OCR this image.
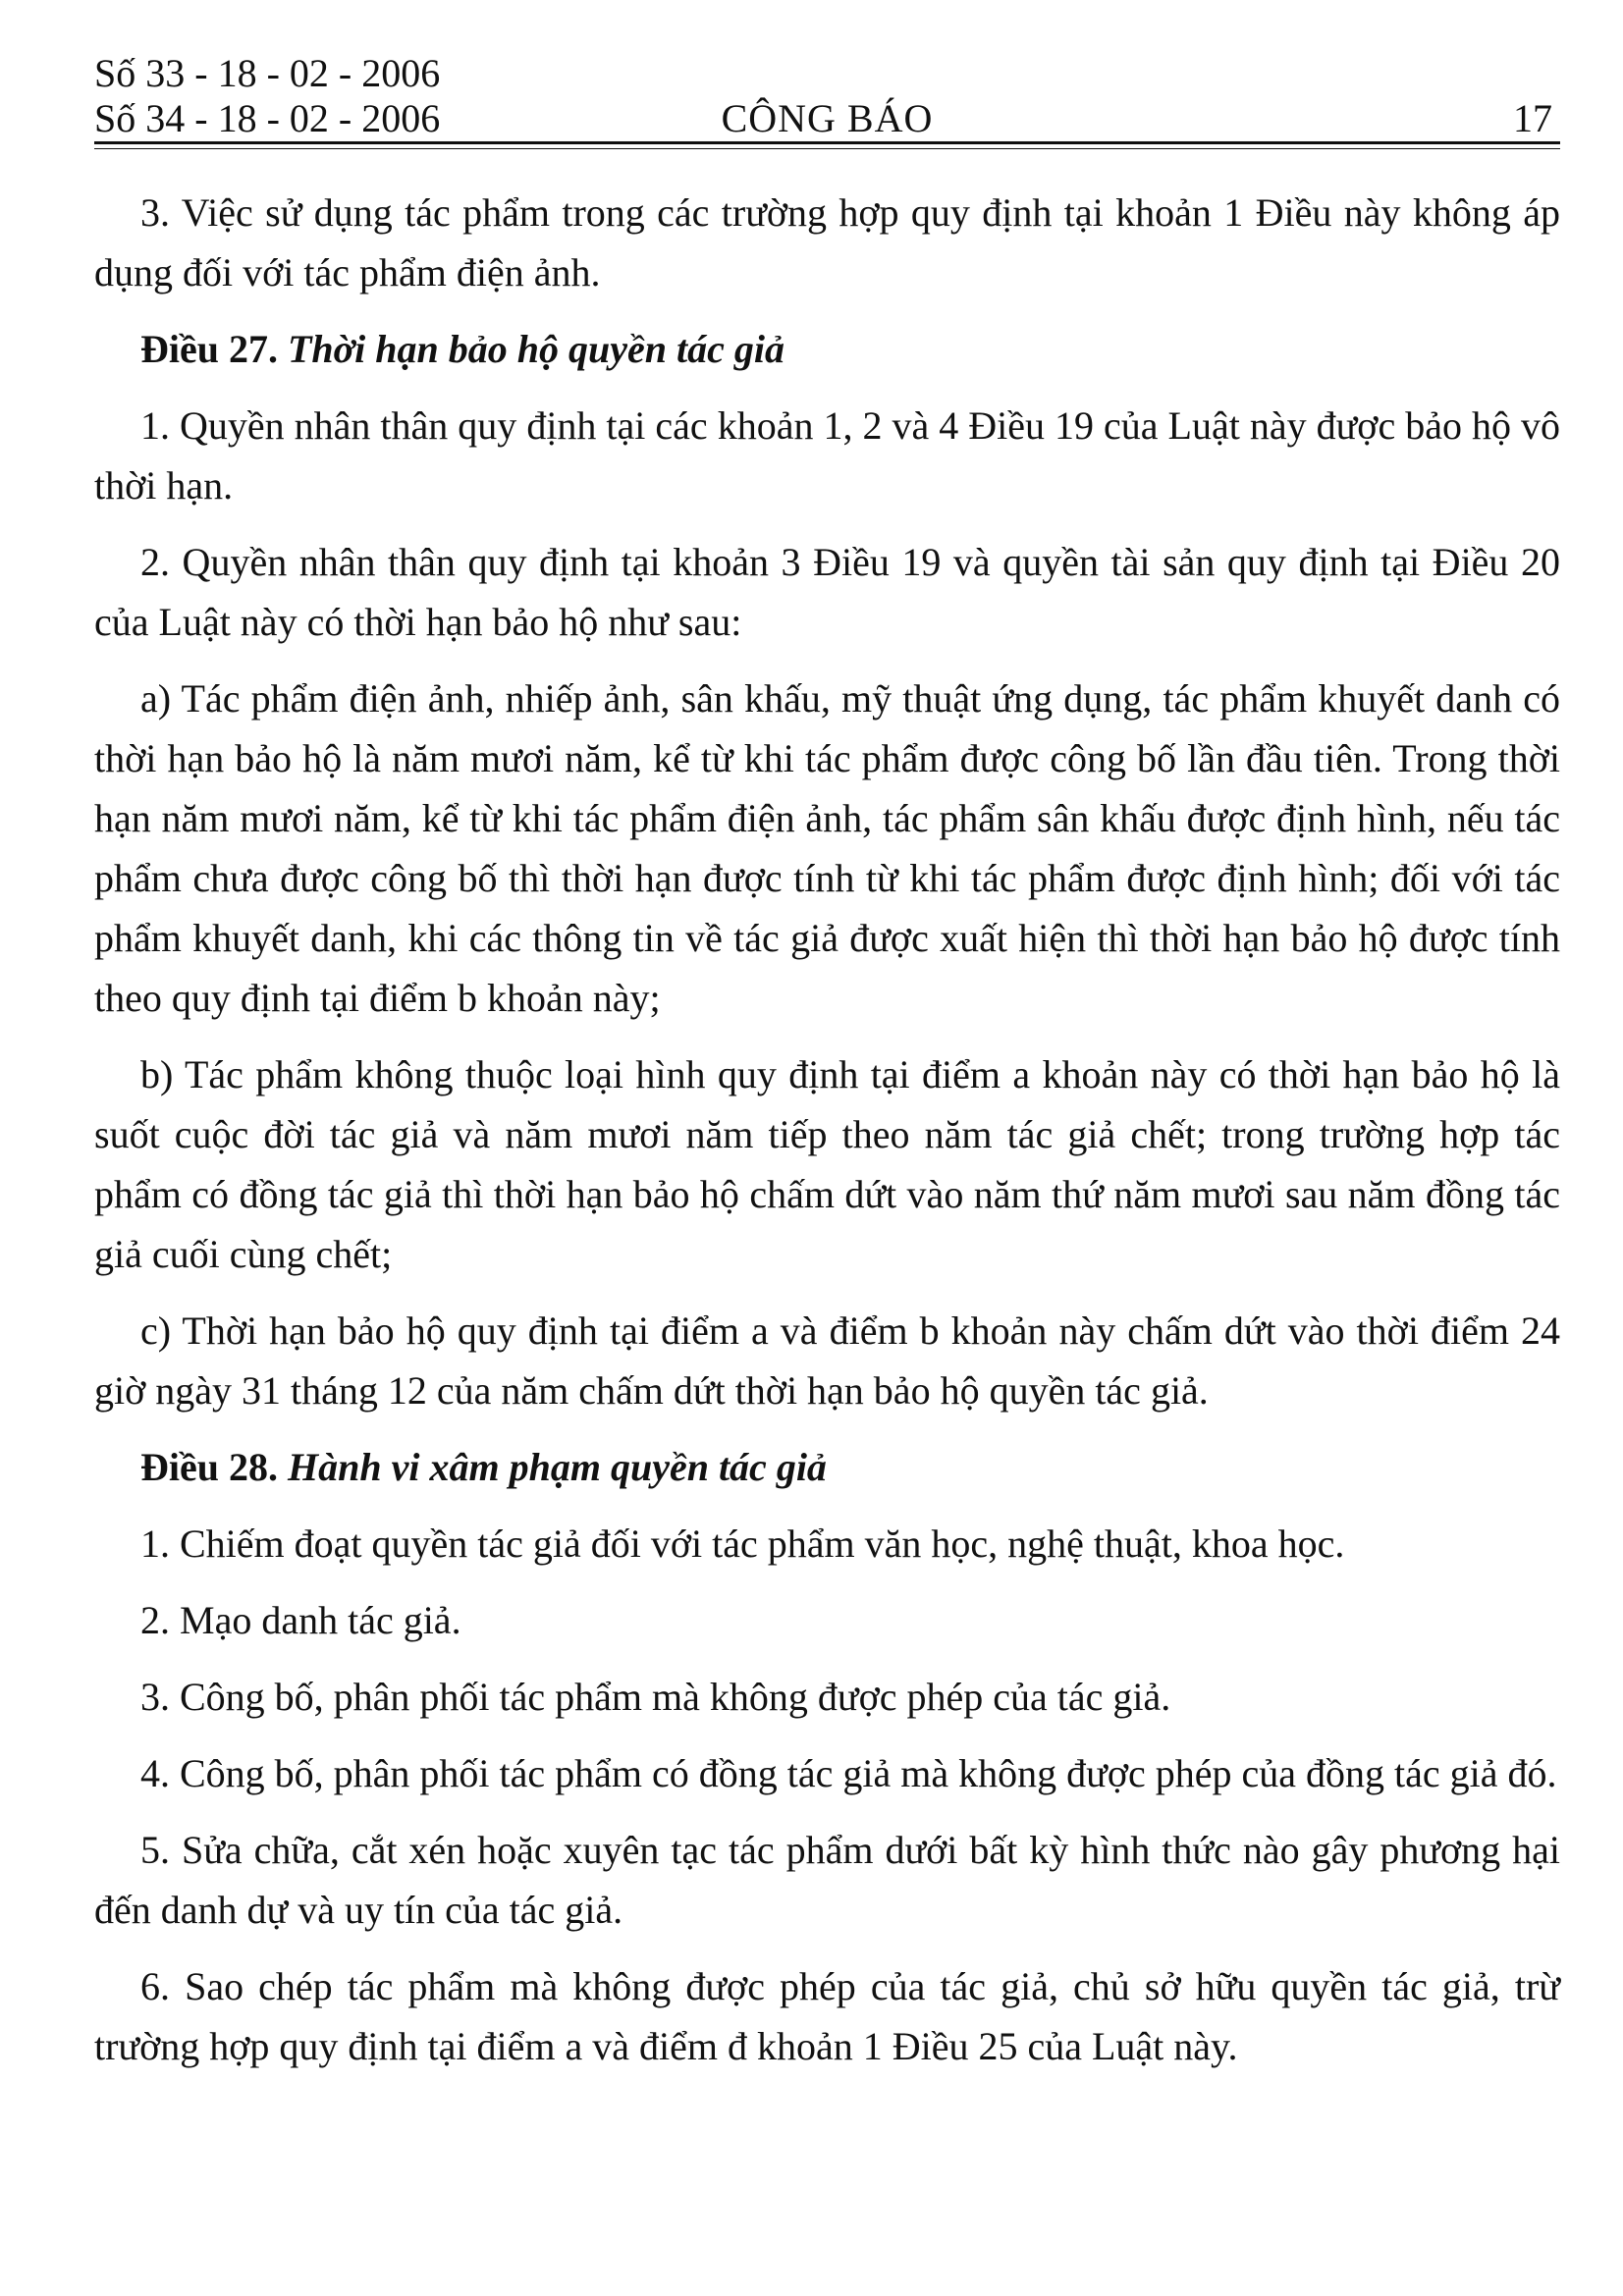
Số 33 - 18 - 02 - 2006
Số 34 - 18 - 02 - 2006	CÔNG BÁO	17

3. Việc sử dụng tác phẩm trong các trường hợp quy định tại khoản 1 Điều này không áp dụng đối với tác phẩm điện ảnh.

Điều 27. Thời hạn bảo hộ quyền tác giả

1. Quyền nhân thân quy định tại các khoản 1, 2 và 4 Điều 19 của Luật này được bảo hộ vô thời hạn.

2. Quyền nhân thân quy định tại khoản 3 Điều 19 và quyền tài sản quy định tại Điều 20 của Luật này có thời hạn bảo hộ như sau:

a) Tác phẩm điện ảnh, nhiếp ảnh, sân khấu, mỹ thuật ứng dụng, tác phẩm khuyết danh có thời hạn bảo hộ là năm mươi năm, kể từ khi tác phẩm được công bố lần đầu tiên. Trong thời hạn năm mươi năm, kể từ khi tác phẩm điện ảnh, tác phẩm sân khấu được định hình, nếu tác phẩm chưa được công bố thì thời hạn được tính từ khi tác phẩm được định hình; đối với tác phẩm khuyết danh, khi các thông tin về tác giả được xuất hiện thì thời hạn bảo hộ được tính theo quy định tại điểm b khoản này;

b) Tác phẩm không thuộc loại hình quy định tại điểm a khoản này có thời hạn bảo hộ là suốt cuộc đời tác giả và năm mươi năm tiếp theo năm tác giả chết; trong trường hợp tác phẩm có đồng tác giả thì thời hạn bảo hộ chấm dứt vào năm thứ năm mươi sau năm đồng tác giả cuối cùng chết;

c) Thời hạn bảo hộ quy định tại điểm a và điểm b khoản này chấm dứt vào thời điểm 24 giờ ngày 31 tháng 12 của năm chấm dứt thời hạn bảo hộ quyền tác giả.

Điều 28. Hành vi xâm phạm quyền tác giả

1. Chiếm đoạt quyền tác giả đối với tác phẩm văn học, nghệ thuật, khoa học.

2. Mạo danh tác giả.

3. Công bố, phân phối tác phẩm mà không được phép của tác giả.

4. Công bố, phân phối tác phẩm có đồng tác giả mà không được phép của đồng tác giả đó.

5. Sửa chữa, cắt xén hoặc xuyên tạc tác phẩm dưới bất kỳ hình thức nào gây phương hại đến danh dự và uy tín của tác giả.

6. Sao chép tác phẩm mà không được phép của tác giả, chủ sở hữu quyền tác giả, trừ trường hợp quy định tại điểm a và điểm đ khoản 1 Điều 25 của Luật này.
